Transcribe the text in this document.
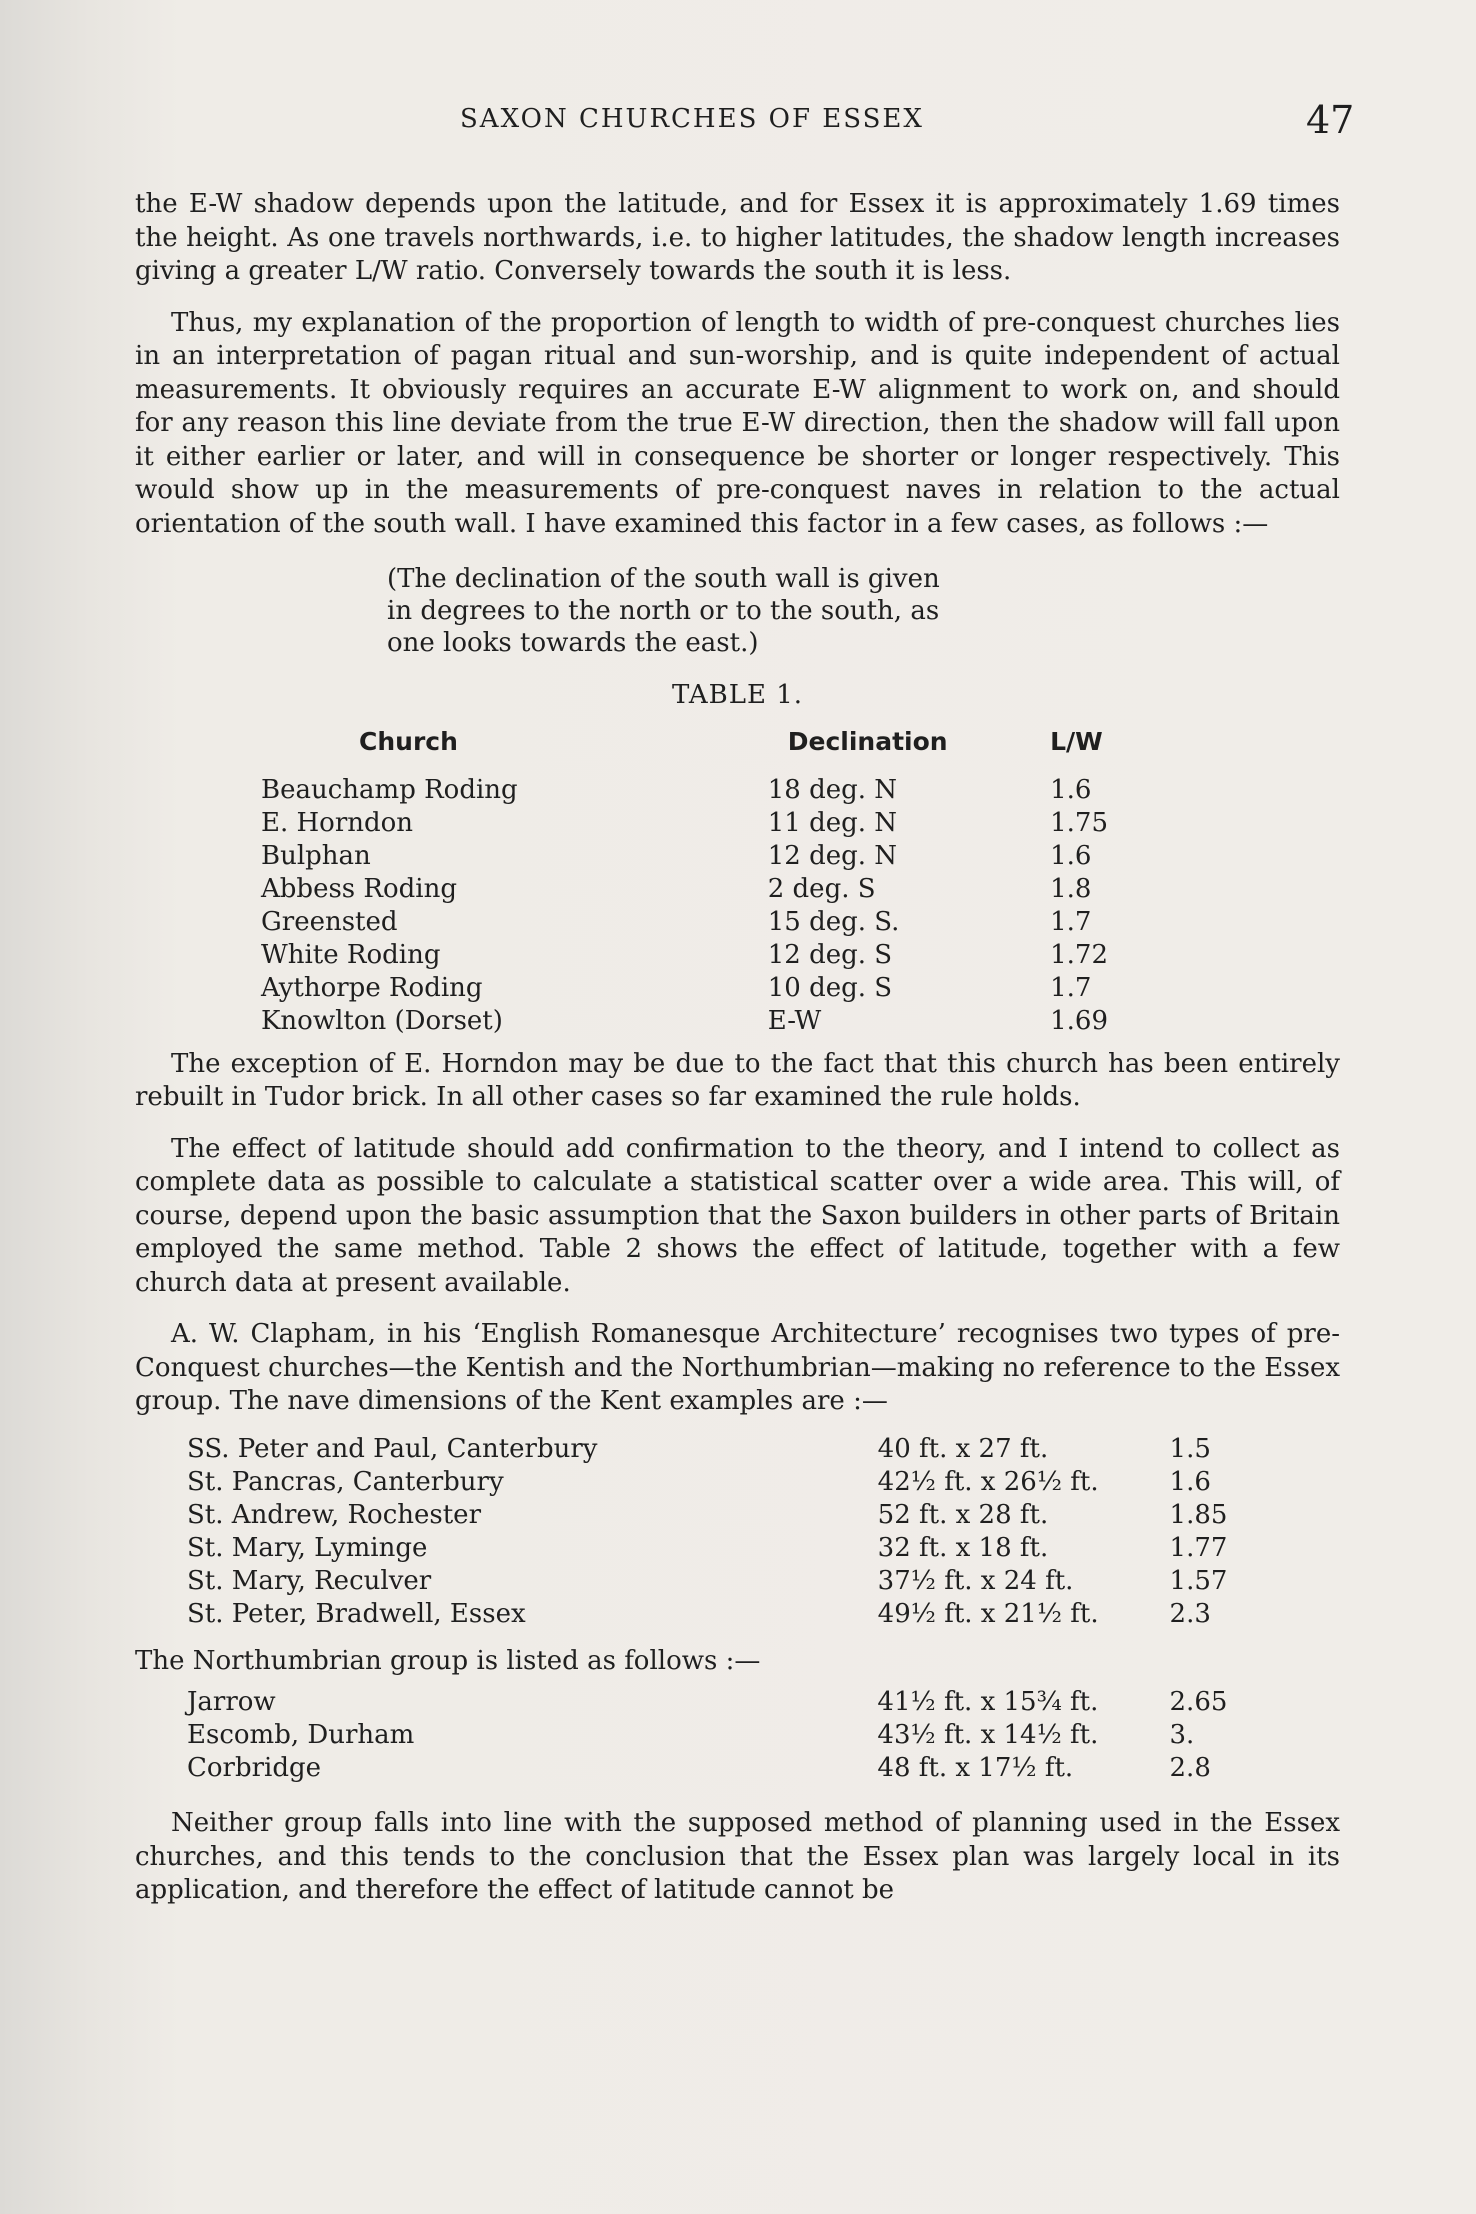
SAXON CHURCHES OF ESSEX	47

the E-W shadow depends upon the latitude, and for Essex it is approximately 1.69 times the height. As one travels northwards, i.e. to higher latitudes, the shadow length increases giving a greater L/W ratio. Conversely towards the south it is less.

Thus, my explanation of the proportion of length to width of pre-conquest churches lies in an interpretation of pagan ritual and sun-worship, and is quite independent of actual measurements. It obviously requires an accurate E-W alignment to work on, and should for any reason this line deviate from the true E-W direction, then the shadow will fall upon it either earlier or later, and will in consequence be shorter or longer respectively. This would show up in the measurements of pre-conquest naves in relation to the actual orientation of the south wall. I have examined this factor in a few cases, as follows :—

(The declination of the south wall is given in degrees to the north or to the south, as one looks towards the east.)

TABLE 1.
Church	Declination	L/W
Beauchamp Roding	18 deg. N	1.6
E. Horndon	11 deg. N	1.75
Bulphan	12 deg. N	1.6
Abbess Roding	2 deg. S	1.8
Greensted	15 deg. S.	1.7
White Roding	12 deg. S	1.72
Aythorpe Roding	10 deg. S	1.7
Knowlton (Dorset)	E-W	1.69

The exception of E. Horndon may be due to the fact that this church has been entirely rebuilt in Tudor brick. In all other cases so far examined the rule holds.

The effect of latitude should add confirmation to the theory, and I intend to collect as complete data as possible to calculate a statistical scatter over a wide area. This will, of course, depend upon the basic assumption that the Saxon builders in other parts of Britain employed the same method. Table 2 shows the effect of latitude, together with a few church data at present available.

A. W. Clapham, in his ‘English Romanesque Architecture’ recognises two types of pre-Conquest churches—the Kentish and the Northumbrian—making no reference to the Essex group. The nave dimensions of the Kent examples are :—

SS. Peter and Paul, Canterbury	40 ft. x 27 ft.	1.5
St. Pancras, Canterbury	42½ ft. x 26½ ft.	1.6
St. Andrew, Rochester	52 ft. x 28 ft.	1.85
St. Mary, Lyminge	32 ft. x 18 ft.	1.77
St. Mary, Reculver	37½ ft. x 24 ft.	1.57
St. Peter, Bradwell, Essex	49½ ft. x 21½ ft.	2.3

The Northumbrian group is listed as follows :—

Jarrow	41½ ft. x 15¾ ft.	2.65
Escomb, Durham	43½ ft. x 14½ ft.	3.
Corbridge	48 ft. x 17½ ft.	2.8

Neither group falls into line with the supposed method of planning used in the Essex churches, and this tends to the conclusion that the Essex plan was largely local in its application, and therefore the effect of latitude cannot be
